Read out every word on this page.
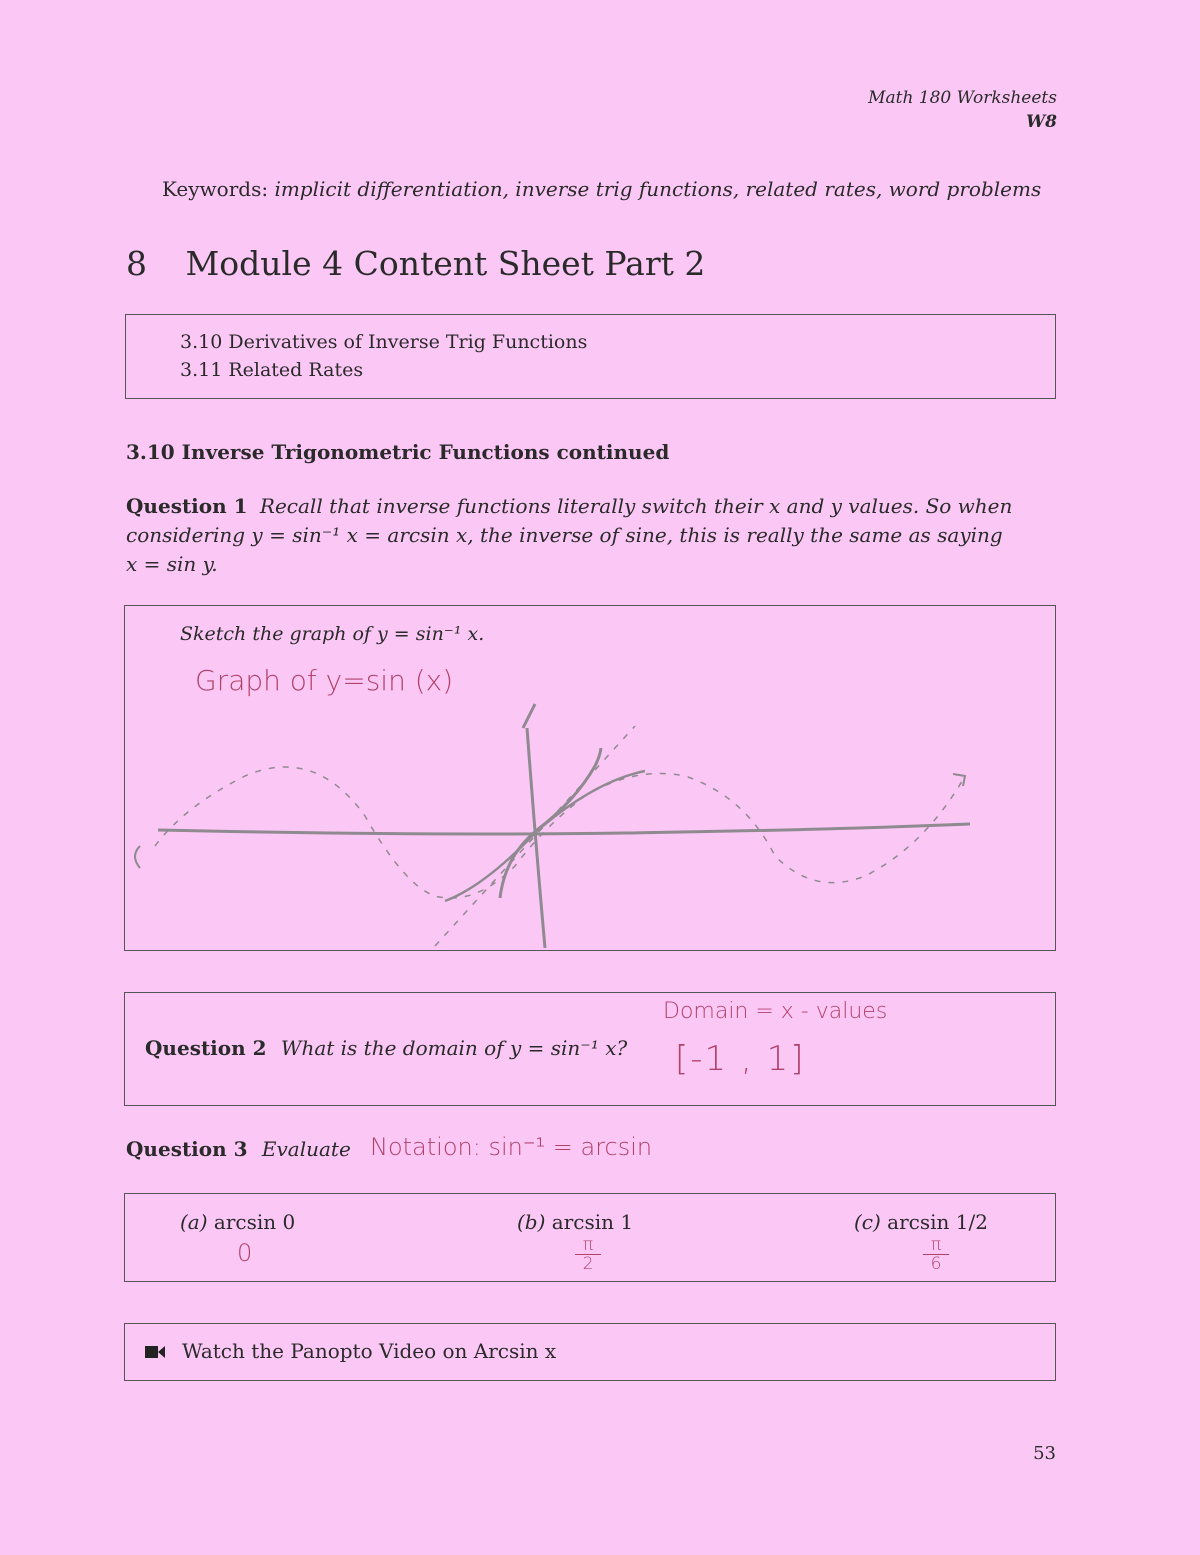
Math 180 Worksheets
W8
Keywords: implicit differentiation, inverse trig functions, related rates, word problems
8 Module 4 Content Sheet Part 2
3.10 Derivatives of Inverse Trig Functions
3.11 Related Rates
3.10 Inverse Trigonometric Functions continued
Question 1 Recall that inverse functions literally switch their x and y values. So when
considering y = sin⁻¹ x = arcsin x, the inverse of sine, this is really the same as saying
x = sin y.
Sketch the graph of y = sin⁻¹ x.
Graph of y=sin (x)
Question 2 What is the domain of y = sin⁻¹ x?
Domain = x - values
[-1 , 1]
Question 3 Evaluate Notation: sin⁻¹ = arcsin
(a) arcsin 0
0
(b) arcsin 1
$\frac{\pi}{2}$
(c) arcsin 1/2
$\frac{\pi}{6}$
Watch the Panopto Video on Arcsin x
53
